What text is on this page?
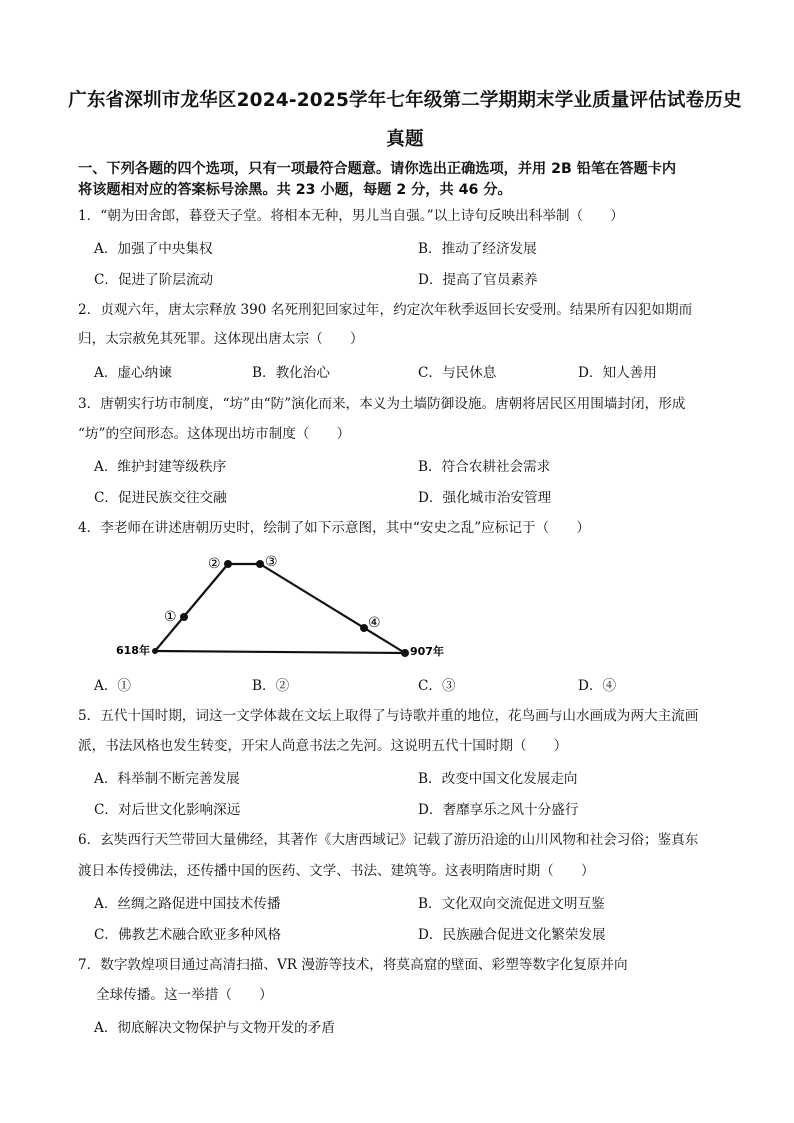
广东省深圳市龙华区2024-2025学年七年级第二学期期末学业质量评估试卷历史
真题
一、下列各题的四个选项，只有一项最符合题意。请你选出正确选项，并用 2B 铅笔在答题卡内
将该题相对应的答案标号涂黑。共 23 小题，每题 2 分，共 46 分。
1．“朝为田舍郎，暮登天子堂。将相本无种，男儿当自强。”以上诗句反映出科举制（　　）
A．加强了中央集权	B．推动了经济发展
C．促进了阶层流动	D．提高了官员素养
2．贞观六年，唐太宗释放 390 名死刑犯回家过年，约定次年秋季返回长安受刑。结果所有囚犯如期而
归，太宗赦免其死罪。这体现出唐太宗（　　）
A．虚心纳谏	B．教化治心	C．与民休息	D．知人善用
3．唐朝实行坊市制度，“坊”由“防”演化而来，本义为土墙防御设施。唐朝将居民区用围墙封闭，形成
“坊”的空间形态。这体现出坊市制度（　　）
A．维护封建等级秩序	B．符合农耕社会需求
C．促进民族交往交融	D．强化城市治安管理
4．李老师在讲述唐朝历史时，绘制了如下示意图，其中“安史之乱”应标记于（　　）
618年	907年
①
②	③
④
A．①	B．②	C．③	D．④
5．五代十国时期，词这一文学体裁在文坛上取得了与诗歌并重的地位，花鸟画与山水画成为两大主流画
派，书法风格也发生转变，开宋人尚意书法之先河。这说明五代十国时期（　　）
A．科举制不断完善发展	B．改变中国文化发展走向
C．对后世文化影响深远	D．奢靡享乐之风十分盛行
6．玄奘西行天竺带回大量佛经，其著作《大唐西域记》记载了游历沿途的山川风物和社会习俗；鉴真东
渡日本传授佛法，还传播中国的医药、文学、书法、建筑等。这表明隋唐时期（　　）
A．丝绸之路促进中国技术传播	B．文化双向交流促进文明互鉴
C．佛教艺术融合欧亚多种风格	D．民族融合促进文化繁荣发展
7．数字敦煌项目通过高清扫描、VR 漫游等技术，将莫高窟的壁面、彩塑等数字化复原并向
全球传播。这一举措（　　）
A．彻底解决文物保护与文物开发的矛盾
